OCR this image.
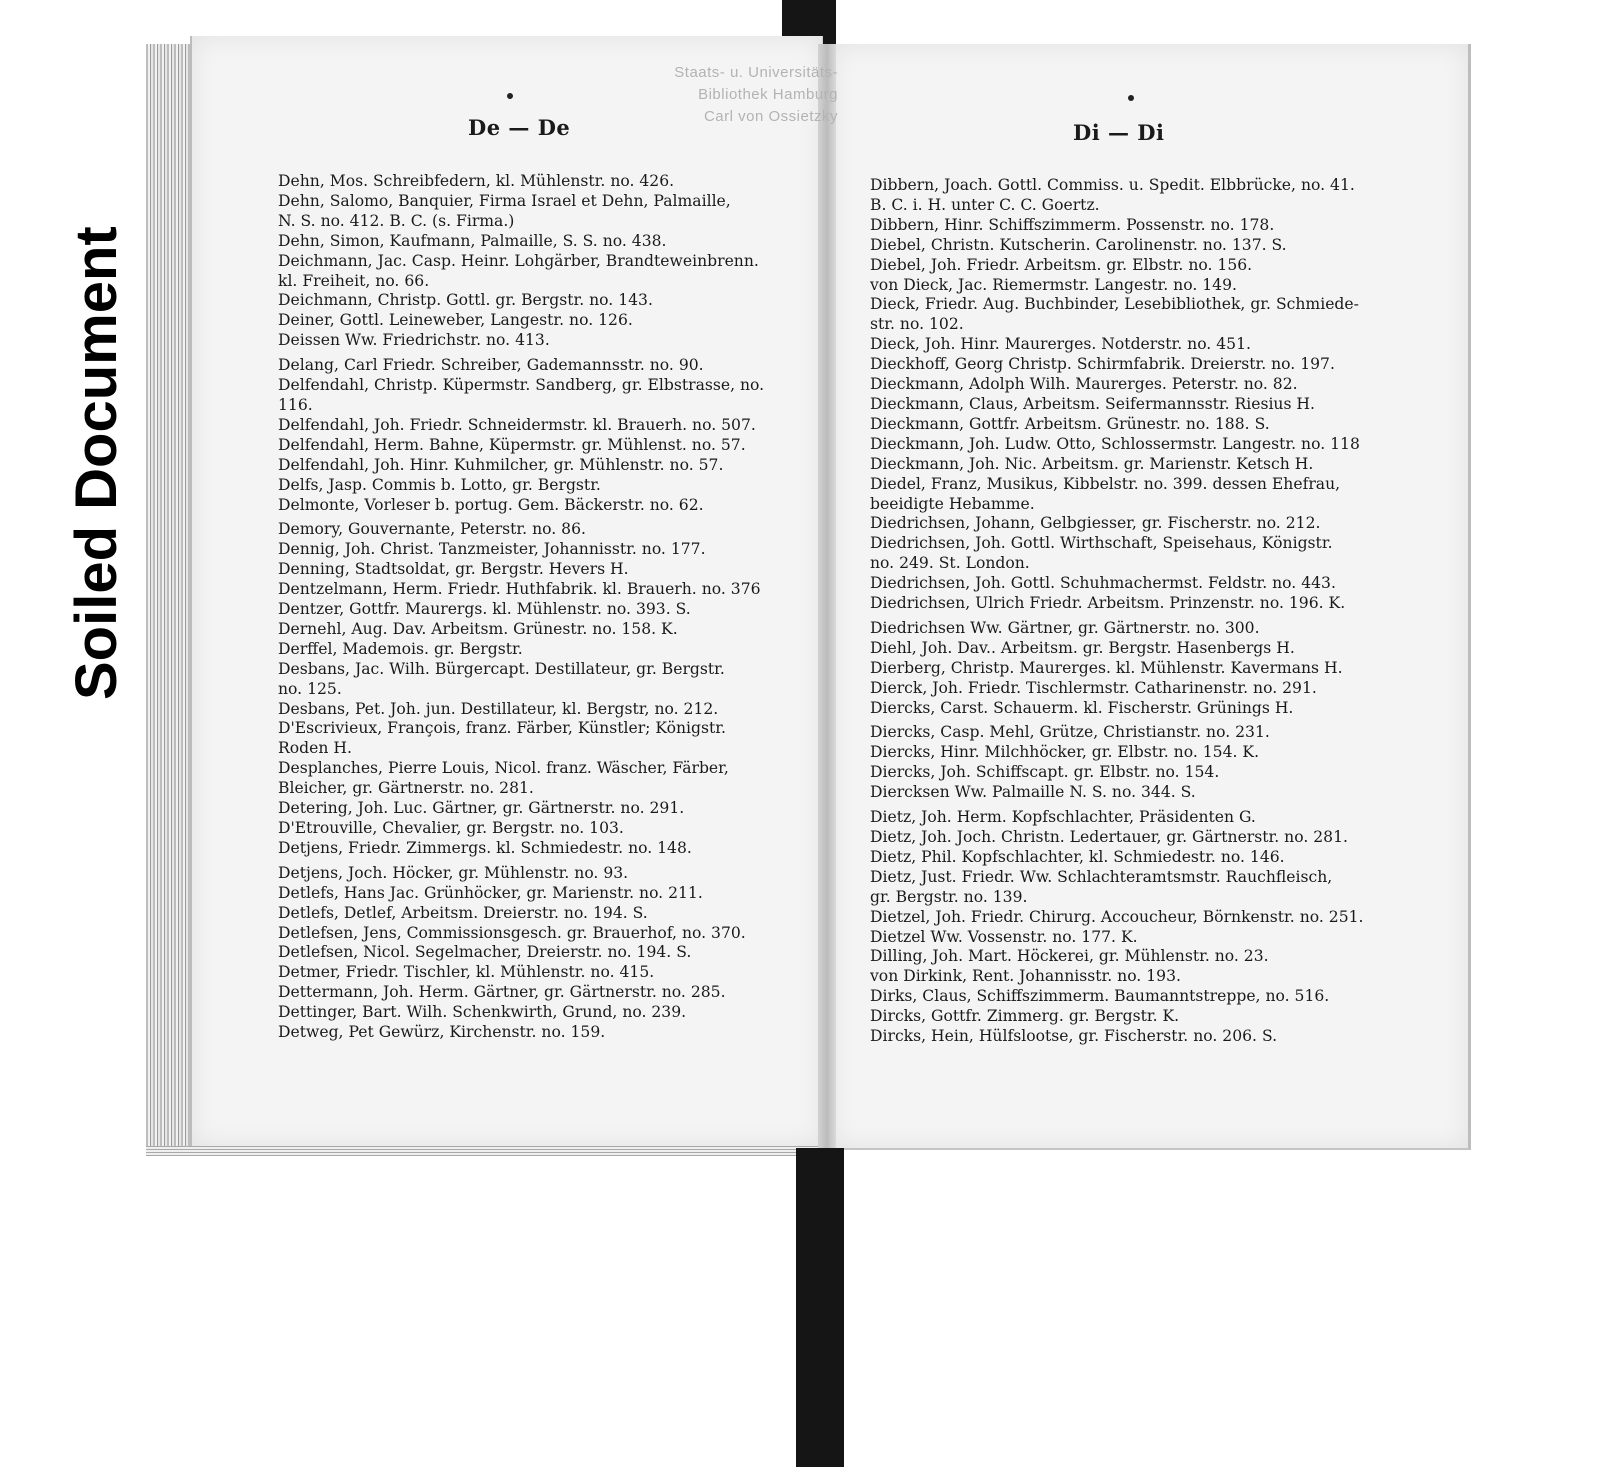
Soiled Document
Staats- u. Universitäts-
Bibliothek Hamburg
Carl von Ossietzky
De — De	Di — Di
Dehn, Mos. Schreibfedern, kl. Mühlenstr. no. 426.
Dehn, Salomo, Banquier, Firma Israel et Dehn, Palmaille,
N. S. no. 412. B. C. (s. Firma.)
Dehn, Simon, Kaufmann, Palmaille, S. S. no. 438.
Deichmann, Jac. Casp. Heinr. Lohgärber, Brandteweinbrenn.
kl. Freiheit, no. 66.
Deichmann, Christp. Gottl. gr. Bergstr. no. 143.
Deiner, Gottl. Leineweber, Langestr. no. 126.
Deissen Ww. Friedrichstr. no. 413.
Delang, Carl Friedr. Schreiber, Gademannsstr. no. 90.
Delfendahl, Christp. Küpermstr. Sandberg, gr. Elbstrasse, no.
116.
Delfendahl, Joh. Friedr. Schneidermstr. kl. Brauerh. no. 507.
Delfendahl, Herm. Bahne, Küpermstr. gr. Mühlenst. no. 57.
Delfendahl, Joh. Hinr. Kuhmilcher, gr. Mühlenstr. no. 57.
Delfs, Jasp. Commis b. Lotto, gr. Bergstr.
Delmonte, Vorleser b. portug. Gem. Bäckerstr. no. 62.
Demory, Gouvernante, Peterstr. no. 86.
Dennig, Joh. Christ. Tanzmeister, Johannisstr. no. 177.
Denning, Stadtsoldat, gr. Bergstr. Hevers H.
Dentzelmann, Herm. Friedr. Huthfabrik. kl. Brauerh. no. 376
Dentzer, Gottfr. Maurergs. kl. Mühlenstr. no. 393. S.
Dernehl, Aug. Dav. Arbeitsm. Grünestr. no. 158. K.
Derffel, Mademois. gr. Bergstr.
Desbans, Jac. Wilh. Bürgercapt. Destillateur, gr. Bergstr.
no. 125.
Desbans, Pet. Joh. jun. Destillateur, kl. Bergstr, no. 212.
D'Escrivieux, François, franz. Färber, Künstler; Königstr.
Roden H.
Desplanches, Pierre Louis, Nicol. franz. Wäscher, Färber,
Bleicher, gr. Gärtnerstr. no. 281.
Detering, Joh. Luc. Gärtner, gr. Gärtnerstr. no. 291.
D'Etrouville, Chevalier, gr. Bergstr. no. 103.
Detjens, Friedr. Zimmergs. kl. Schmiedestr. no. 148.
Detjens, Joch. Höcker, gr. Mühlenstr. no. 93.
Detlefs, Hans Jac. Grünhöcker, gr. Marienstr. no. 211.
Detlefs, Detlef, Arbeitsm. Dreierstr. no. 194. S.
Detlefsen, Jens, Commissionsgesch. gr. Brauerhof, no. 370.
Detlefsen, Nicol. Segelmacher, Dreierstr. no. 194. S.
Detmer, Friedr. Tischler, kl. Mühlenstr. no. 415.
Dettermann, Joh. Herm. Gärtner, gr. Gärtnerstr. no. 285.
Dettinger, Bart. Wilh. Schenkwirth, Grund, no. 239.
Detweg, Pet Gewürz, Kirchenstr. no. 159.
Dibbern, Joach. Gottl. Commiss. u. Spedit. Elbbrücke, no. 41.
B. C. i. H. unter C. C. Goertz.
Dibbern, Hinr. Schiffszimmerm. Possenstr. no. 178.
Diebel, Christn. Kutscherin. Carolinenstr. no. 137. S.
Diebel, Joh. Friedr. Arbeitsm. gr. Elbstr. no. 156.
von Dieck, Jac. Riemermstr. Langestr. no. 149.
Dieck, Friedr. Aug. Buchbinder, Lesebibliothek, gr. Schmiede-
str. no. 102.
Dieck, Joh. Hinr. Maurerges. Notderstr. no. 451.
Dieckhoff, Georg Christp. Schirmfabrik. Dreierstr. no. 197.
Dieckmann, Adolph Wilh. Maurerges. Peterstr. no. 82.
Dieckmann, Claus, Arbeitsm. Seifermannsstr. Riesius H.
Dieckmann, Gottfr. Arbeitsm. Grünestr. no. 188. S.
Dieckmann, Joh. Ludw. Otto, Schlossermstr. Langestr. no. 118
Dieckmann, Joh. Nic. Arbeitsm. gr. Marienstr. Ketsch H.
Diedel, Franz, Musikus, Kibbelstr. no. 399. dessen Ehefrau,
beeidigte Hebamme.
Diedrichsen, Johann, Gelbgiesser, gr. Fischerstr. no. 212.
Diedrichsen, Joh. Gottl. Wirthschaft, Speisehaus, Königstr.
no. 249. St. London.
Diedrichsen, Joh. Gottl. Schuhmachermst. Feldstr. no. 443.
Diedrichsen, Ulrich Friedr. Arbeitsm. Prinzenstr. no. 196. K.
Diedrichsen Ww. Gärtner, gr. Gärtnerstr. no. 300.
Diehl, Joh. Dav.. Arbeitsm. gr. Bergstr. Hasenbergs H.
Dierberg, Christp. Maurerges. kl. Mühlenstr. Kavermans H.
Dierck, Joh. Friedr. Tischlermstr. Catharinenstr. no. 291.
Diercks, Carst. Schauerm. kl. Fischerstr. Grünings H.
Diercks, Casp. Mehl, Grütze, Christianstr. no. 231.
Diercks, Hinr. Milchhöcker, gr. Elbstr. no. 154. K.
Diercks, Joh. Schiffscapt. gr. Elbstr. no. 154.
Diercksen Ww. Palmaille N. S. no. 344. S.
Dietz, Joh. Herm. Kopfschlachter, Präsidenten G.
Dietz, Joh. Joch. Christn. Ledertauer, gr. Gärtnerstr. no. 281.
Dietz, Phil. Kopfschlachter, kl. Schmiedestr. no. 146.
Dietz, Just. Friedr. Ww. Schlachteramtsmstr. Rauchfleisch,
gr. Bergstr. no. 139.
Dietzel, Joh. Friedr. Chirurg. Accoucheur, Börnkenstr. no. 251.
Dietzel Ww. Vossenstr. no. 177. K.
Dilling, Joh. Mart. Höckerei, gr. Mühlenstr. no. 23.
von Dirkink, Rent. Johannisstr. no. 193.
Dirks, Claus, Schiffszimmerm. Baumanntstreppe, no. 516.
Dircks, Gottfr. Zimmerg. gr. Bergstr. K.
Dircks, Hein, Hülfslootse, gr. Fischerstr. no. 206. S.
